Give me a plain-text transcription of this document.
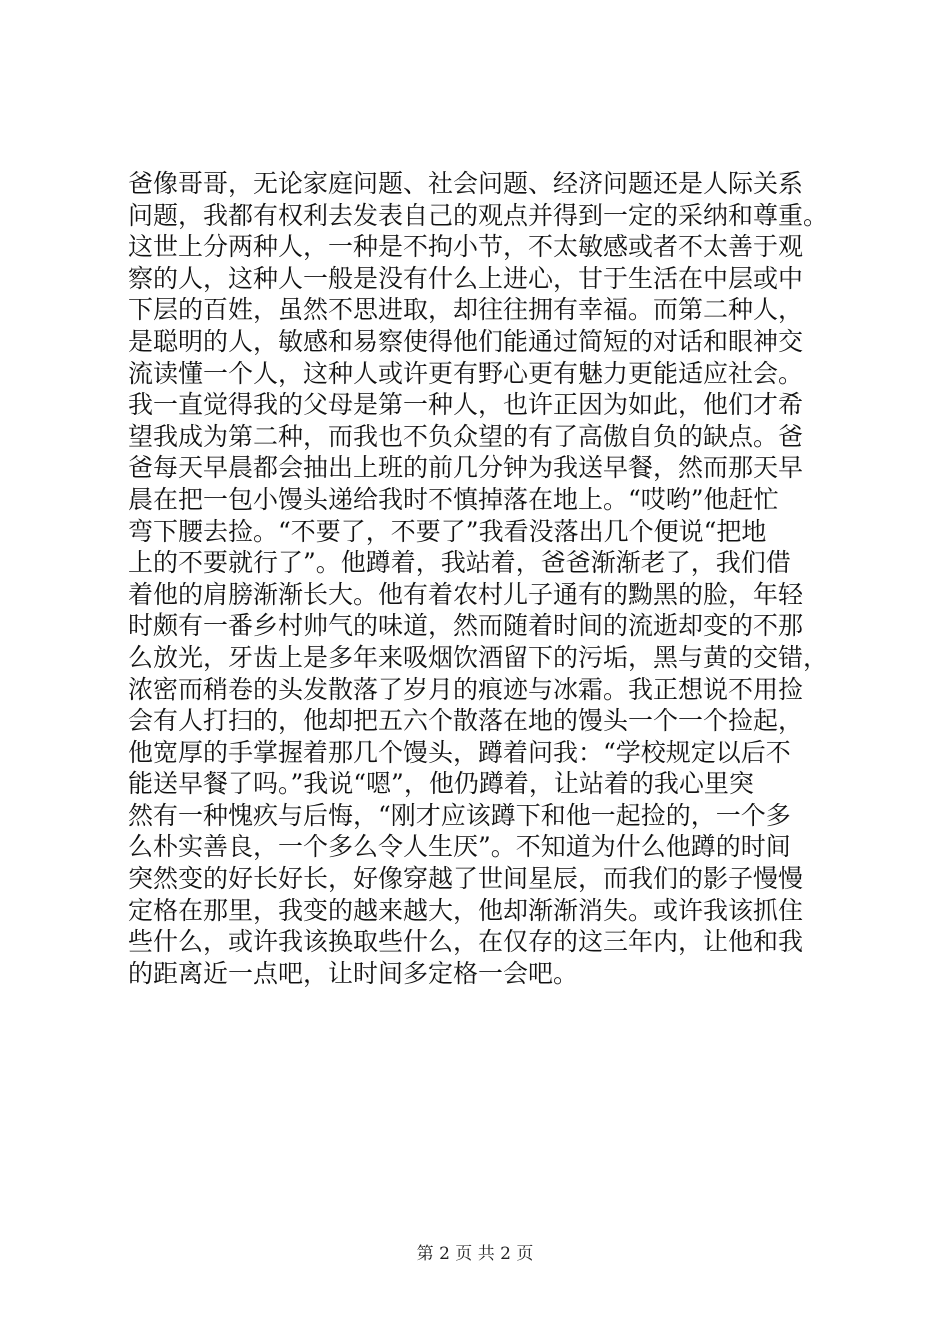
爸像哥哥，无论家庭问题、社会问题、经济问题还是人际关系
问题，我都有权利去发表自己的观点并得到一定的采纳和尊重。
这世上分两种人，一种是不拘小节，不太敏感或者不太善于观
察的人，这种人一般是没有什么上进心，甘于生活在中层或中
下层的百姓，虽然不思进取，却往往拥有幸福。而第二种人，
是聪明的人，敏感和易察使得他们能通过简短的对话和眼神交
流读懂一个人，这种人或许更有野心更有魅力更能适应社会。
我一直觉得我的父母是第一种人，也许正因为如此，他们才希
望我成为第二种，而我也不负众望的有了高傲自负的缺点。爸
爸每天早晨都会抽出上班的前几分钟为我送早餐，然而那天早
晨在把一包小馒头递给我时不慎掉落在地上。“哎哟”他赶忙
弯下腰去捡。“不要了，不要了”我看没落出几个便说“把地
上的不要就行了”。他蹲着，我站着，爸爸渐渐老了，我们借
着他的肩膀渐渐长大。他有着农村儿子通有的黝黑的脸，年轻
时颇有一番乡村帅气的味道，然而随着时间的流逝却变的不那
么放光，牙齿上是多年来吸烟饮酒留下的污垢，黑与黄的交错，
浓密而稍卷的头发散落了岁月的痕迹与冰霜。我正想说不用捡
会有人打扫的，他却把五六个散落在地的馒头一个一个捡起，
他宽厚的手掌握着那几个馒头，蹲着问我：“学校规定以后不
能送早餐了吗。”我说“嗯”，他仍蹲着，让站着的我心里突
然有一种愧疚与后悔，“刚才应该蹲下和他一起捡的，一个多
么朴实善良，一个多么令人生厌”。不知道为什么他蹲的时间
突然变的好长好长，好像穿越了世间星辰，而我们的影子慢慢
定格在那里，我变的越来越大，他却渐渐消失。或许我该抓住
些什么，或许我该换取些什么，在仅存的这三年内，让他和我
的距离近一点吧，让时间多定格一会吧。
第 2 页 共 2 页
